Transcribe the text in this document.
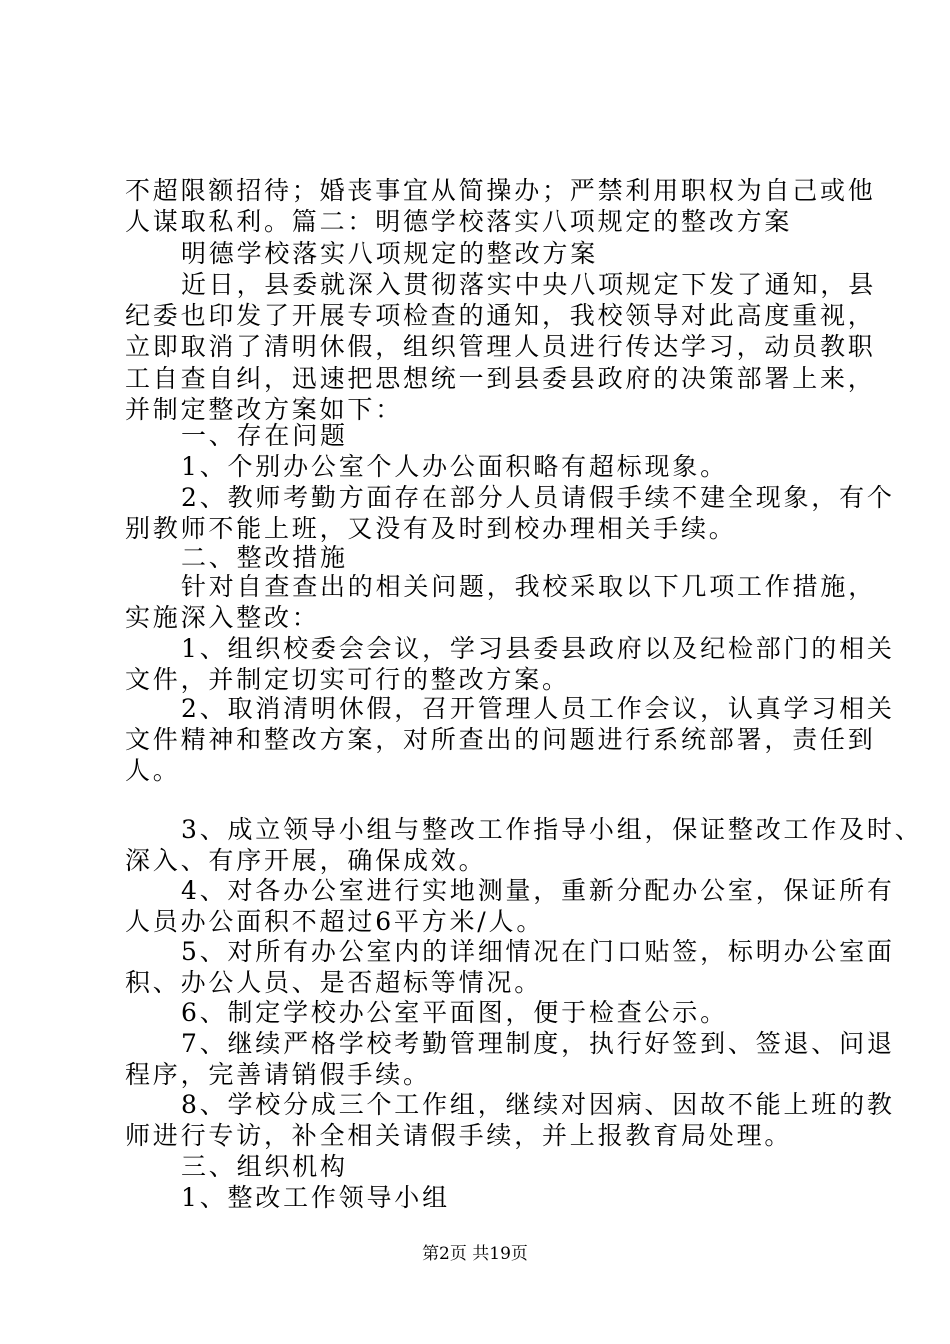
不超限额招待；婚丧事宜从简操办；严禁利用职权为自己或他
人谋取私利。篇二：明德学校落实八项规定的整改方案
明德学校落实八项规定的整改方案
近日，县委就深入贯彻落实中央八项规定下发了通知，县
纪委也印发了开展专项检查的通知，我校领导对此高度重视，
立即取消了清明休假，组织管理人员进行传达学习，动员教职
工自查自纠，迅速把思想统一到县委县政府的决策部署上来，
并制定整改方案如下：
一、存在问题
1、个别办公室个人办公面积略有超标现象。
2、教师考勤方面存在部分人员请假手续不建全现象，有个
别教师不能上班，又没有及时到校办理相关手续。
二、整改措施
针对自查查出的相关问题，我校采取以下几项工作措施，
实施深入整改：
1、组织校委会会议，学习县委县政府以及纪检部门的相关
文件，并制定切实可行的整改方案。
2、取消清明休假，召开管理人员工作会议，认真学习相关
文件精神和整改方案，对所查出的问题进行系统部署，责任到
人。
3、成立领导小组与整改工作指导小组，保证整改工作及时、
深入、有序开展，确保成效。
4、对各办公室进行实地测量，重新分配办公室，保证所有
人员办公面积不超过6平方米/人。
5、对所有办公室内的详细情况在门口贴签，标明办公室面
积、办公人员、是否超标等情况。
6、制定学校办公室平面图，便于检查公示。
7、继续严格学校考勤管理制度，执行好签到、签退、问退
程序，完善请销假手续。
8、学校分成三个工作组，继续对因病、因故不能上班的教
师进行专访，补全相关请假手续，并上报教育局处理。
三、组织机构
1、整改工作领导小组
第2页 共19页
